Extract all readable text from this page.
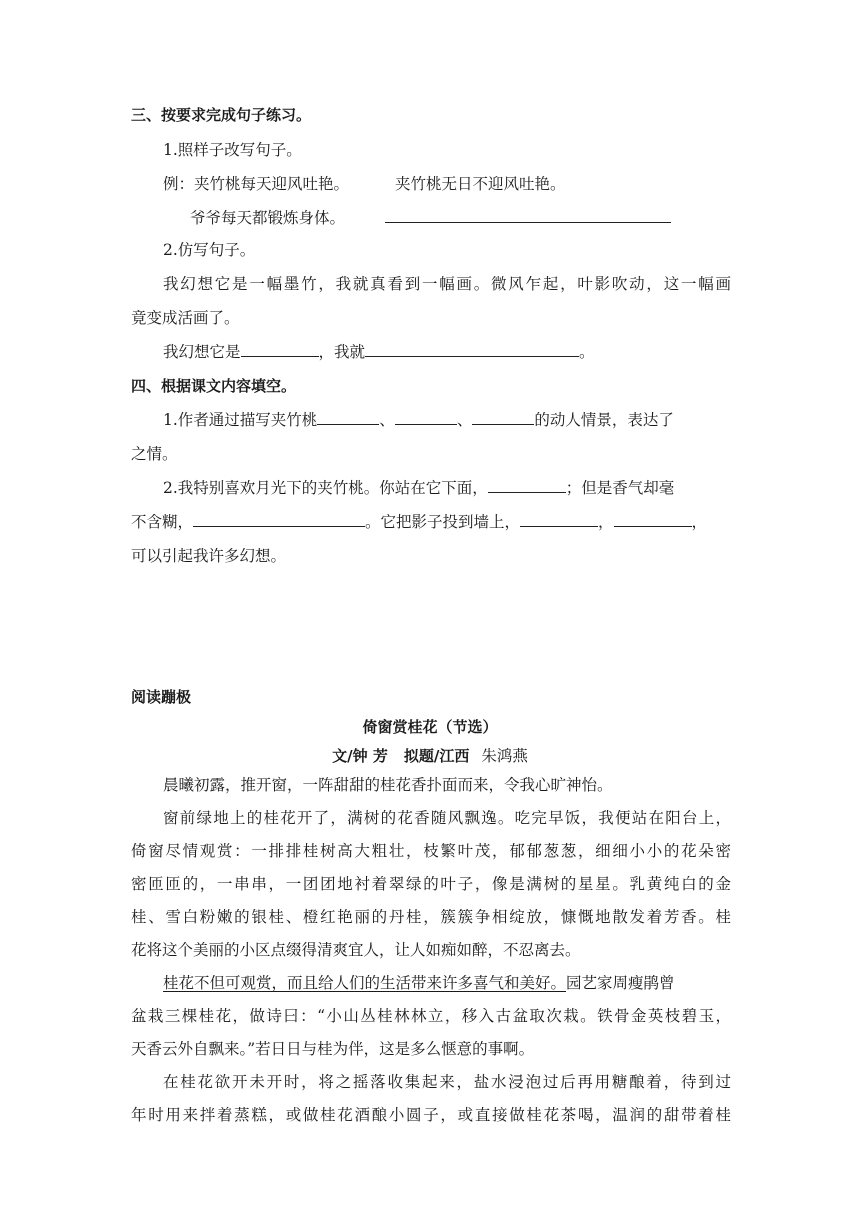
三、按要求完成句子练习。
1.照样子改写句子。
例：夹竹桃每天迎风吐艳。	夹竹桃无日不迎风吐艳。
爷爷每天都锻炼身体。
2.仿写句子。
我幻想它是一幅墨竹，我就真看到一幅画。微风乍起，叶影吹动，这一幅画
竟变成活画了。
我幻想它是	，我就	。
四、根据课文内容填空。
1.作者通过描写夹竹桃	、	、	的动人情景，表达了
之情。
2.我特别喜欢月光下的夹竹桃。你站在它下面，	；但是香气却毫
不含糊，	。它把影子投到墙上，	，	，
可以引起我许多幻想。
阅读蹦极
倚窗赏桂花（节选）
文/钟 芳 拟题/江西 朱鸿燕
晨曦初露，推开窗，一阵甜甜的桂花香扑面而来，令我心旷神怡。
窗前绿地上的桂花开了，满树的花香随风飘逸。吃完早饭，我便站在阳台上，
倚窗尽情观赏：一排排桂树高大粗壮，枝繁叶茂，郁郁葱葱，细细小小的花朵密
密匝匝的，一串串，一团团地衬着翠绿的叶子，像是满树的星星。乳黄纯白的金
桂、雪白粉嫩的银桂、橙红艳丽的丹桂，簇簇争相绽放，慷慨地散发着芳香。桂
花将这个美丽的小区点缀得清爽宜人，让人如痴如醉，不忍离去。
桂花不但可观赏，而且给人们的生活带来许多喜气和美好。园艺家周瘦鹃曾
盆栽三棵桂花，做诗曰：“小山丛桂林林立，移入古盆取次栽。铁骨金英枝碧玉，
天香云外自飘来。”若日日与桂为伴，这是多么惬意的事啊。
在桂花欲开未开时，将之摇落收集起来，盐水浸泡过后再用糖酿着，待到过
年时用来拌着蒸糕，或做桂花酒酿小圆子，或直接做桂花茶喝，温润的甜带着桂
